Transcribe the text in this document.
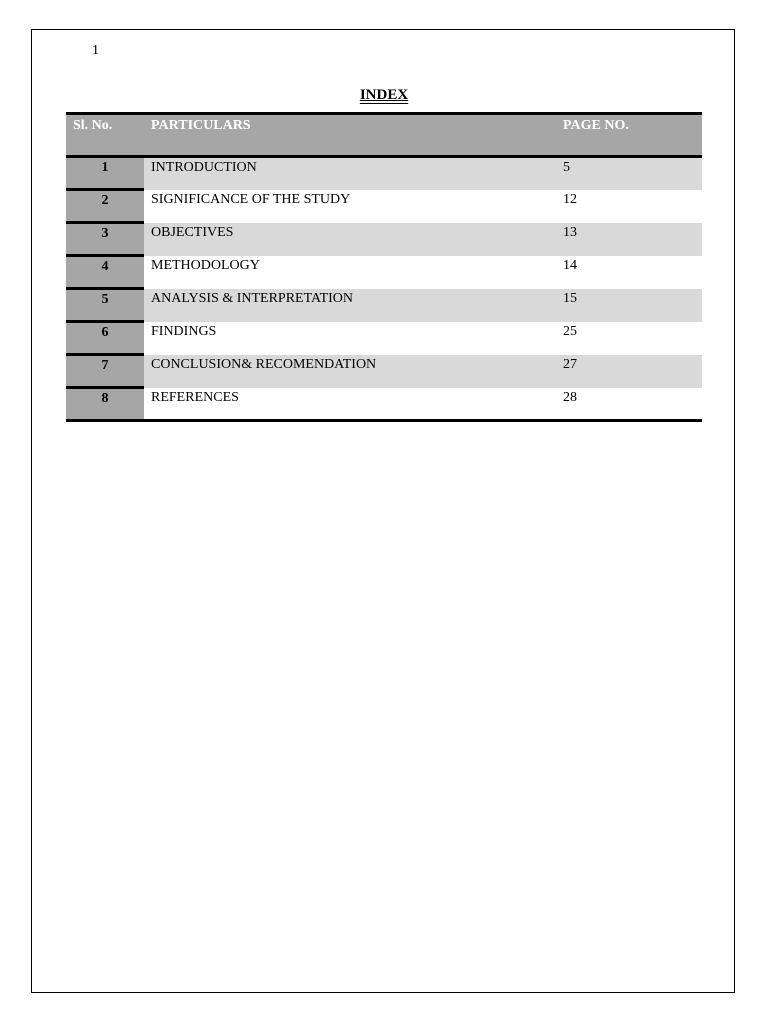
1
INDEX
Sl. No.	PARTICULARS	PAGE NO.
1	INTRODUCTION	5
2	SIGNIFICANCE OF THE STUDY	12
3	OBJECTIVES	13
4	METHODOLOGY	14
5	ANALYSIS & INTERPRETATION	15
6	FINDINGS	25
7	CONCLUSION& RECOMENDATION	27
8	REFERENCES	28
